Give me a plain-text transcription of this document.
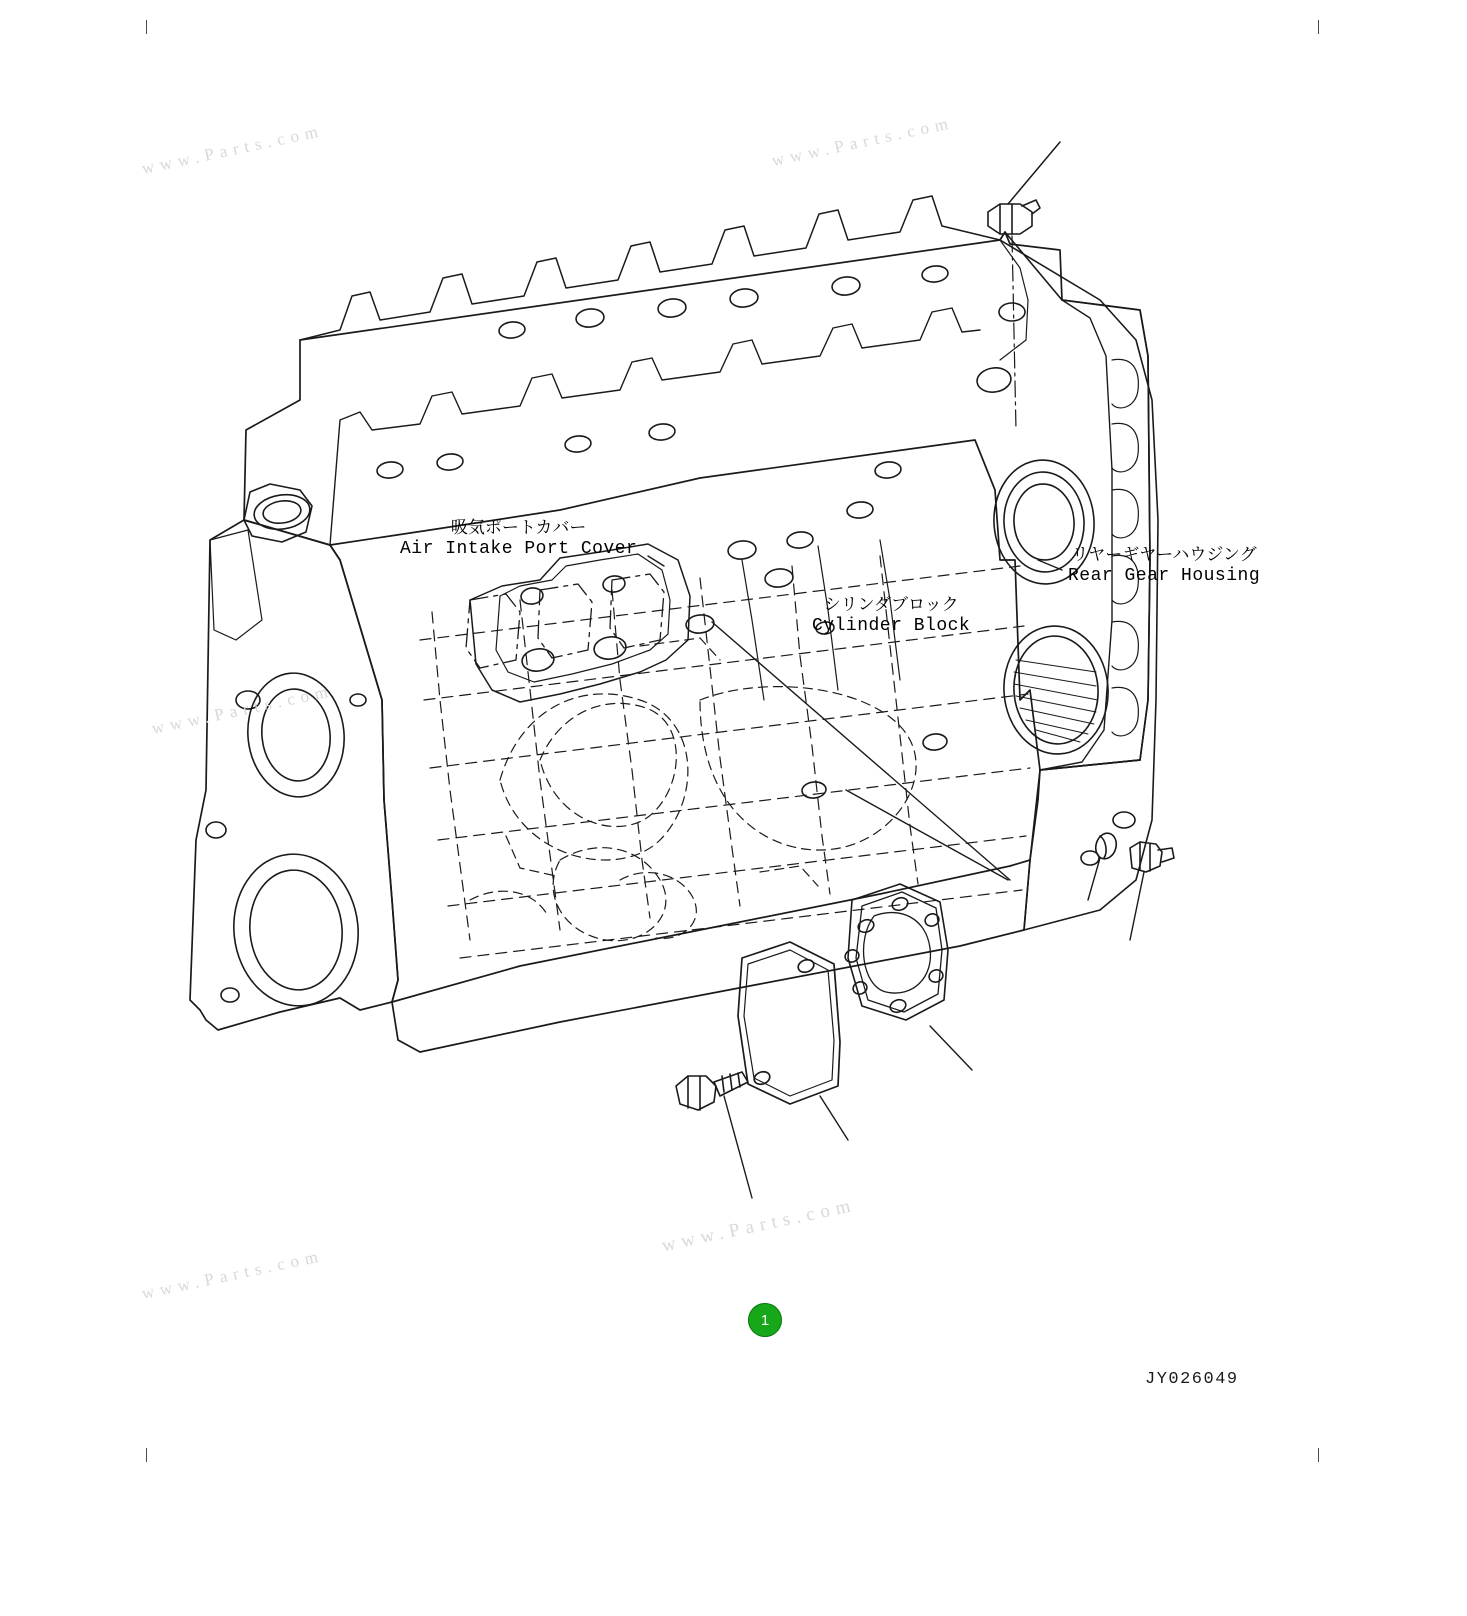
www.Parts.com	www.Parts.com
www.Parts.com
www.Parts.com
www.Parts.com
吸気ポートカバー
Air Intake Port Cover	リヤーギヤーハウジング
Rear Gear Housing
シリンダブロック
Cylinder Block
1
JY026049
